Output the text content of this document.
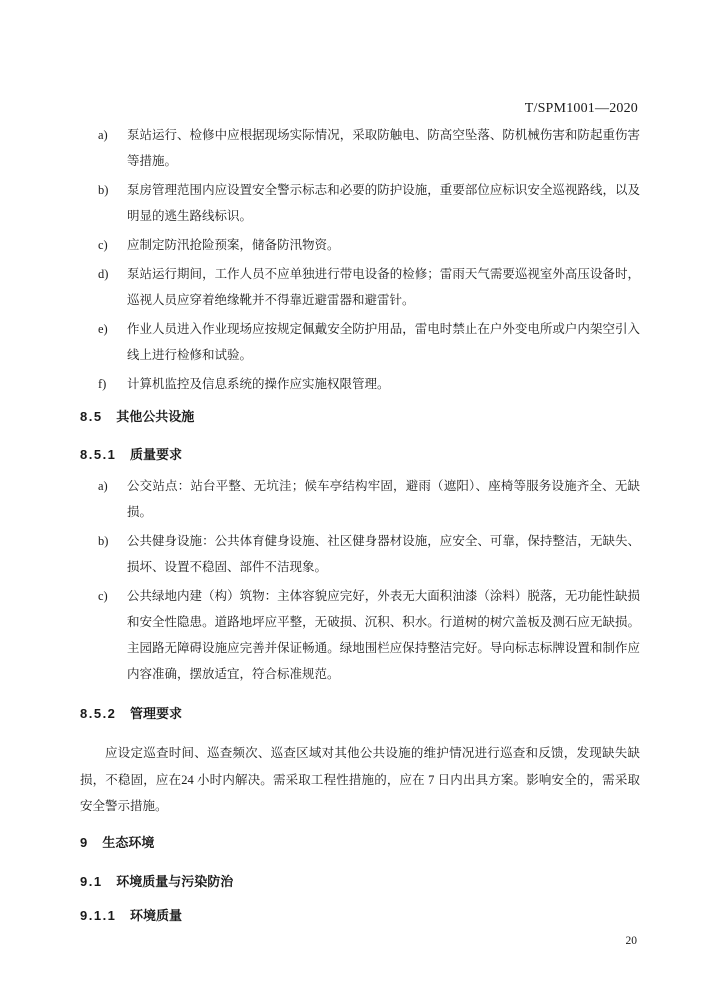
T/SPM1001—2020
a) 泵站运行、检修中应根据现场实际情况，采取防触电、防高空坠落、防机械伤害和防起重伤害等措施。
b) 泵房管理范围内应设置安全警示标志和必要的防护设施，重要部位应标识安全巡视路线，以及明显的逃生路线标识。
c) 应制定防汛抢险预案，储备防汛物资。
d) 泵站运行期间，工作人员不应单独进行带电设备的检修；雷雨天气需要巡视室外高压设备时，巡视人员应穿着绝缘靴并不得靠近避雷器和避雷针。
e) 作业人员进入作业现场应按规定佩戴安全防护用品，雷电时禁止在户外变电所或户内架空引入线上进行检修和试验。
f) 计算机监控及信息系统的操作应实施权限管理。
8.5 其他公共设施
8.5.1 质量要求
a) 公交站点：站台平整、无坑洼；候车亭结构牢固，避雨（遮阳）、座椅等服务设施齐全、无缺损。
b) 公共健身设施：公共体育健身设施、社区健身器材设施，应安全、可靠，保持整洁，无缺失、损坏、设置不稳固、部件不洁现象。
c) 公共绿地内建（构）筑物：主体容貌应完好，外表无大面积油漆（涂料）脱落，无功能性缺损和安全性隐患。道路地坪应平整，无破损、沉积、积水。行道树的树穴盖板及测石应无缺损。主园路无障碍设施应完善并保证畅通。绿地围栏应保持整洁完好。导向标志标牌设置和制作应内容准确，摆放适宜，符合标准规范。
8.5.2 管理要求

应设定巡查时间、巡查频次、巡查区域对其他公共设施的维护情况进行巡查和反馈，发现缺失缺损，不稳固，应在24 小时内解决。需采取工程性措施的，应在 7 日内出具方案。影响安全的，需采取安全警示措施。

9 生态环境
9.1 环境质量与污染防治
9.1.1 环境质量
20
